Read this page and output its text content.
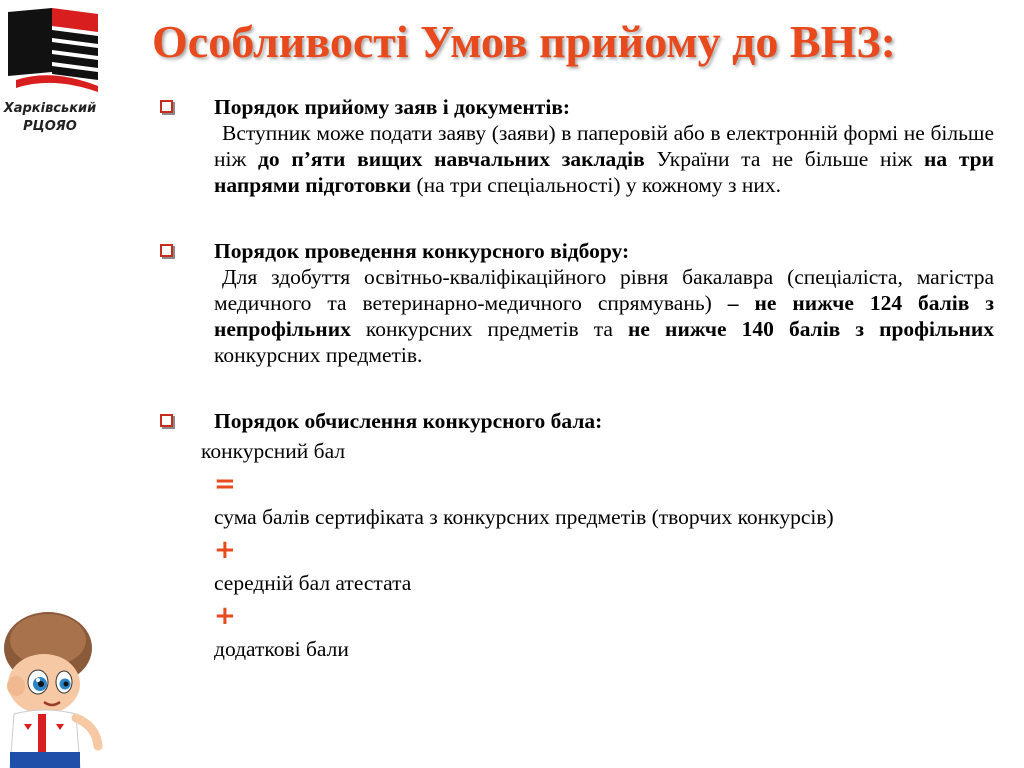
Харківський
РЦОЯО
Особливості Умов прийому до ВНЗ:
Порядок прийому заяв і документів:
Вступник може подати заяву (заяви) в паперовій або в електронній формі не більше ніж до п’яти вищих навчальних закладів України та не більше ніж на три напрями підготовки (на три спеціальності) у кожному з них.
Порядок проведення конкурсного відбору:
Для здобуття освітньо-кваліфікаційного рівня бакалавра (спеціаліста, магістра медичного та ветеринарно-медичного спрямувань) – не нижче 124 балів з непрофільних конкурсних предметів та не нижче 140 балів з профільних конкурсних предметів.
Порядок обчислення конкурсного бала:
конкурсний бал
=
сума балів сертифіката з конкурсних предметів (творчих конкурсів)
+
середній бал атестата
+
додаткові бали
